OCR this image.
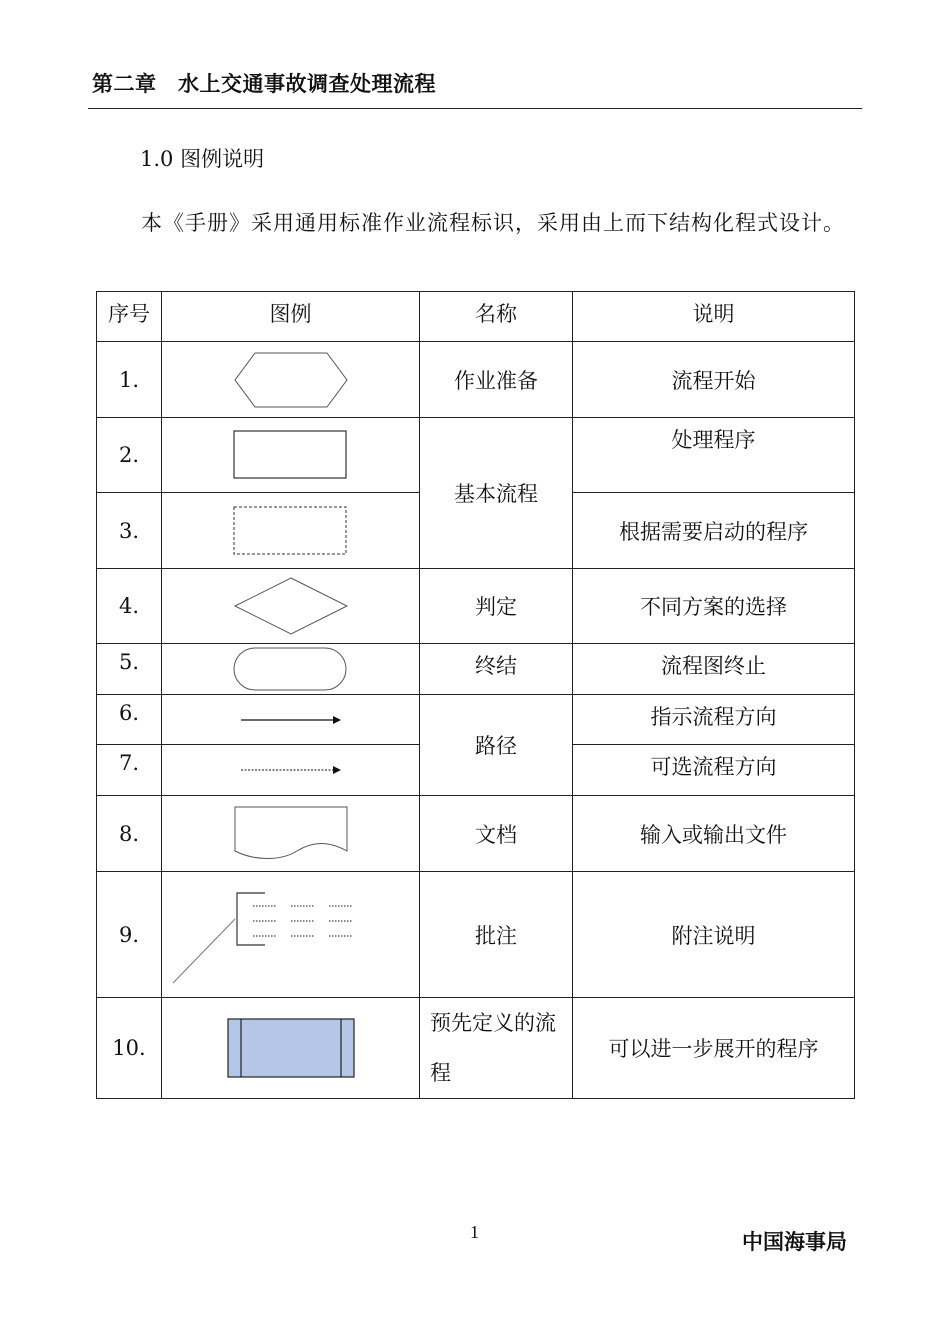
第二章　水上交通事故调查处理流程
1.0 图例说明
本《手册》采用通用标准作业流程标识，采用由上而下结构化程式设计。
序号	图例	名称	说明
1.		作业准备	流程开始
2.		基本流程	处理程序
3.			根据需要启动的程序
4.		判定	不同方案的选择
5.		终结	流程图终止
6.		路径	指示流程方向
7.			可选流程方向
8.		文档	输入或输出文件
9.		批注	附注说明
10.		预先定义的流程	可以进一步展开的程序
1	中国海事局
